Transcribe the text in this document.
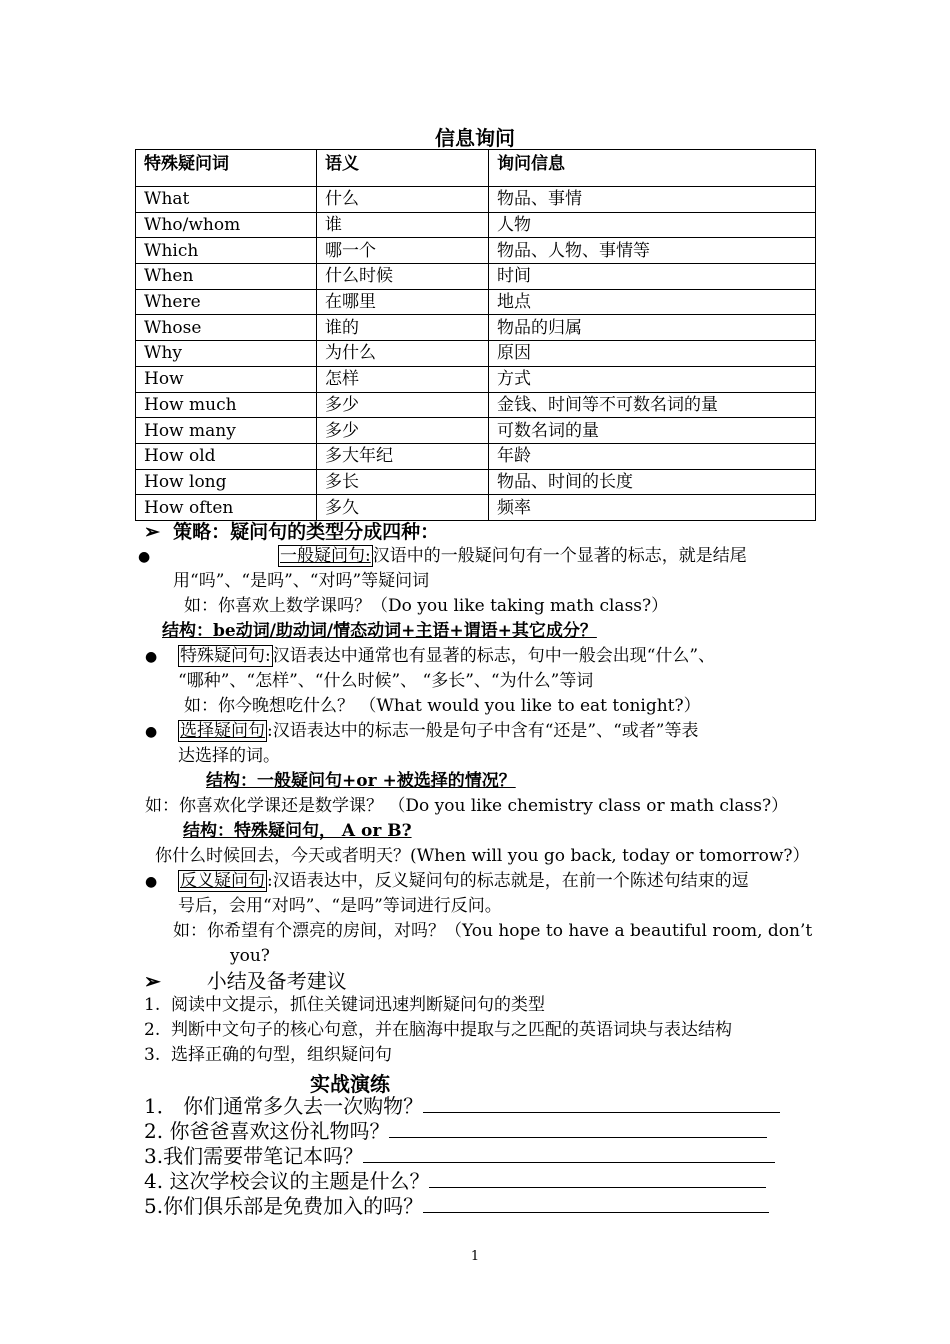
信息询问
特殊疑问词	语义	询问信息
What	什么	物品、事情
Who/whom	谁	人物
Which	哪一个	物品、人物、事情等
When	什么时候	时间
Where	在哪里	地点
Whose	谁的	物品的归属
Why	为什么	原因
How	怎样	方式
How much	多少	金钱、时间等不可数名词的量
How many	多少	可数名词的量
How old	多大年纪	年龄
How long	多长	物品、时间的长度
How often	多久	频率
➢ 策略：疑问句的类型分成四种：
●	一般疑问句: 汉语中的一般疑问句有一个显著的标志，就是结尾
用“吗”、“是吗”、“对吗”等疑问词
如：你喜欢上数学课吗？（Do you like taking math class?）
结构：be动词/助动词/情态动词+主语+谓语+其它成分？
● 特殊疑问句: 汉语表达中通常也有显著的标志，句中一般会出现“什么”、
“哪种”、“怎样”、“什么时候”、 “多长”、“为什么”等词
如：你今晚想吃什么？ （What would you like to eat tonight?）
● 选择疑问句 :汉语表达中的标志一般是句子中含有“还是”、“或者”等表
达选择的词。
结构：一般疑问句+or +被选择的情况？
如：你喜欢化学课还是数学课？ （Do you like chemistry class or math class?）
结构：特殊疑问句， A or B?
你什么时候回去，今天或者明天？(When will you go back, today or tomorrow?）
● 反义疑问句 :汉语表达中，反义疑问句的标志就是，在前一个陈述句结束的逗
号后，会用“对吗”、“是吗”等词进行反问。
如：你希望有个漂亮的房间，对吗？（You hope to have a beautiful room, don’t
you?
➢ 小结及备考建议
1. 阅读中文提示，抓住关键词迅速判断疑问句的类型
2. 判断中文句子的核心句意，并在脑海中提取与之匹配的英语词块与表达结构
3. 选择正确的句型，组织疑问句
实战演练
1． 你们通常多久去一次购物？
2. 你爸爸喜欢这份礼物吗？
3.我们需要带笔记本吗？
4. 这次学校会议的主题是什么？
5.你们俱乐部是免费加入的吗？
1
